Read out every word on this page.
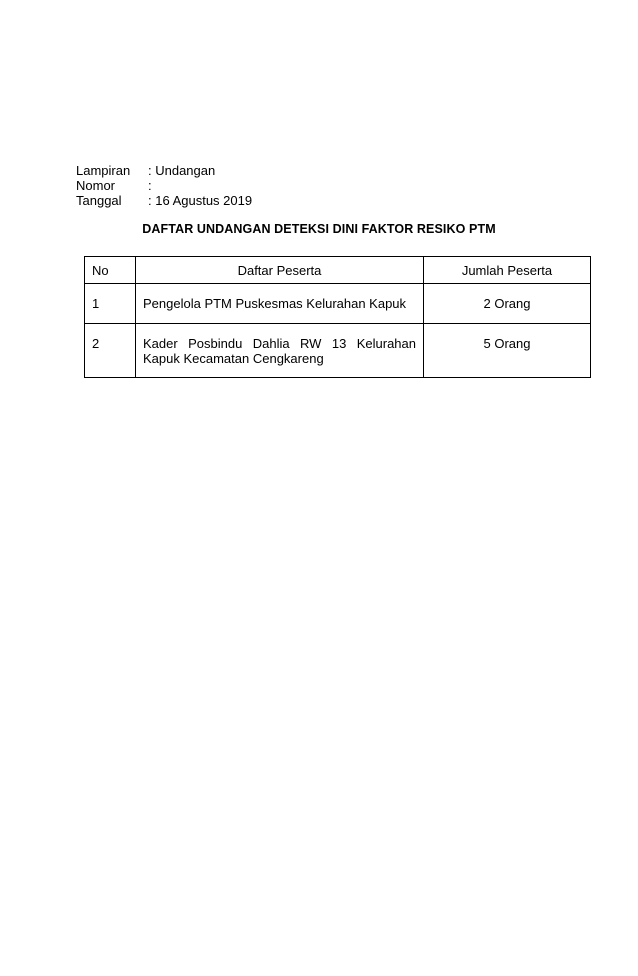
Lampiran	: Undangan
Nomor	:
Tanggal	: 16 Agustus 2019
DAFTAR UNDANGAN DETEKSI DINI FAKTOR RESIKO PTM
No	Daftar Peserta	Jumlah Peserta
1	Pengelola PTM Puskesmas Kelurahan Kapuk	2 Orang
2	Kader Posbindu Dahlia RW 13 Kelurahan Kapuk Kecamatan Cengkareng	5 Orang
